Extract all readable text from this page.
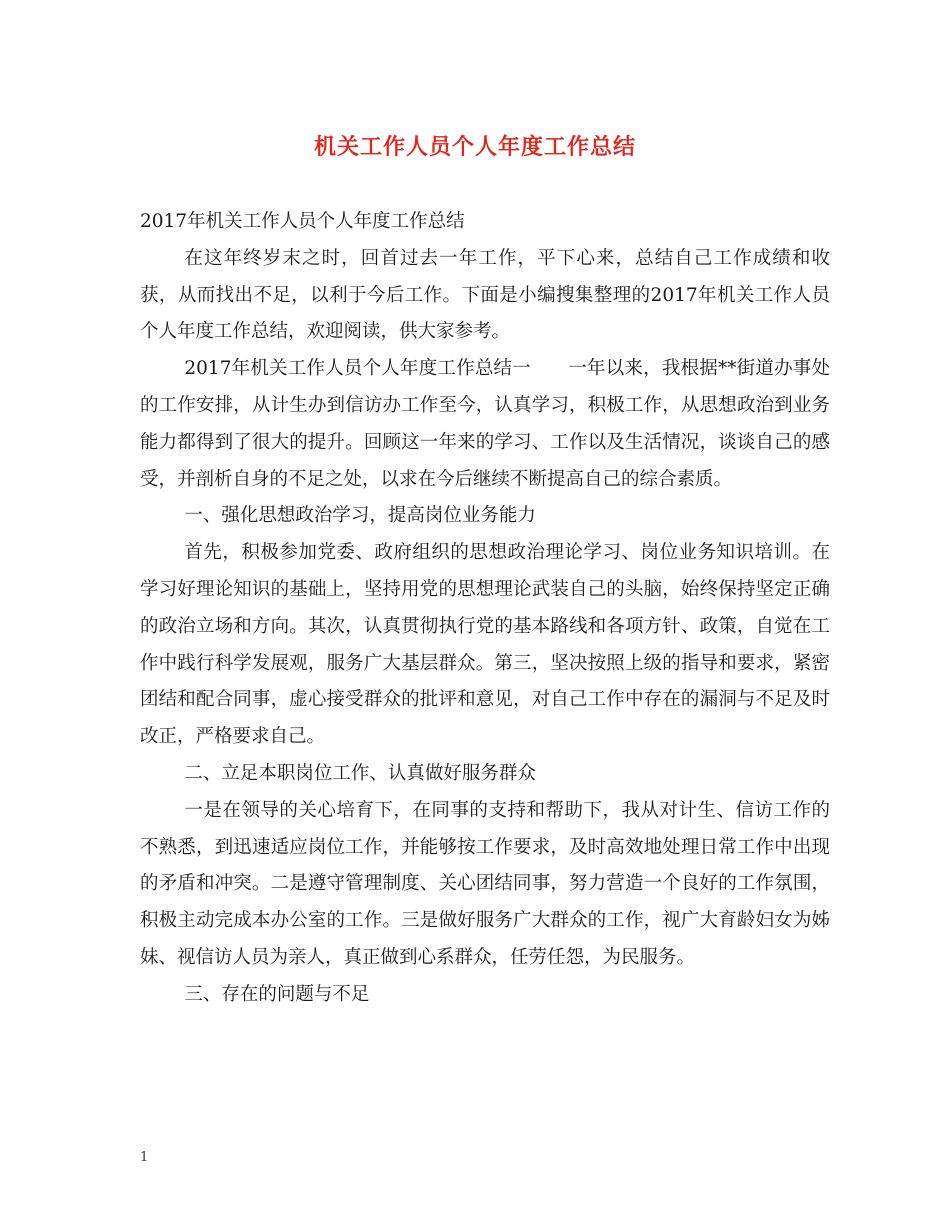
机关工作人员个人年度工作总结

2017年机关工作人员个人年度工作总结

在这年终岁末之时，回首过去一年工作，平下心来，总结自己工作成绩和收获，从而找出不足，以利于今后工作。下面是小编搜集整理的2017年机关工作人员个人年度工作总结，欢迎阅读，供大家参考。

2017年机关工作人员个人年度工作总结一　　一年以来，我根据**街道办事处的工作安排，从计生办到信访办工作至今，认真学习，积极工作，从思想政治到业务能力都得到了很大的提升。回顾这一年来的学习、工作以及生活情况，谈谈自己的感受，并剖析自身的不足之处，以求在今后继续不断提高自己的综合素质。

一、强化思想政治学习，提高岗位业务能力

首先，积极参加党委、政府组织的思想政治理论学习、岗位业务知识培训。在学习好理论知识的基础上，坚持用党的思想理论武装自己的头脑，始终保持坚定正确的政治立场和方向。其次，认真贯彻执行党的基本路线和各项方针、政策，自觉在工作中践行科学发展观，服务广大基层群众。第三，坚决按照上级的指导和要求，紧密团结和配合同事，虚心接受群众的批评和意见，对自己工作中存在的漏洞与不足及时改正，严格要求自己。

二、立足本职岗位工作、认真做好服务群众

一是在领导的关心培育下，在同事的支持和帮助下，我从对计生、信访工作的不熟悉，到迅速适应岗位工作，并能够按工作要求，及时高效地处理日常工作中出现的矛盾和冲突。二是遵守管理制度、关心团结同事，努力营造一个良好的工作氛围，积极主动完成本办公室的工作。三是做好服务广大群众的工作，视广大育龄妇女为姊妹、视信访人员为亲人，真正做到心系群众，任劳任怨，为民服务。

三、存在的问题与不足

1
